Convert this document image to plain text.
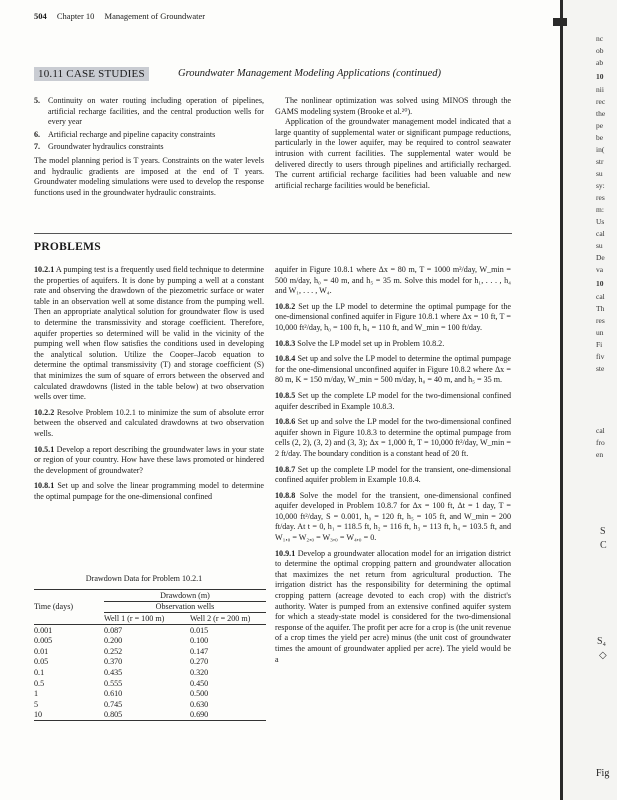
504 Chapter 10 Management of Groundwater
10.11 CASE STUDIES	Groundwater Management Modeling Applications (continued)
5. Continuity on water routing including operation of pipelines, artificial recharge facilities, and the central production wells for every year
6. Artificial recharge and pipeline capacity constraints
7. Groundwater hydraulics constraints

The model planning period is T years. Constraints on the water levels and hydraulic gradients are imposed at the end of T years. Groundwater modeling simulations were used to develop the response functions used in the groundwater hydraulic constraints.

The nonlinear optimization was solved using MINOS through the GAMS modeling system (Brooke et al.²⁰).

Application of the groundwater management model indicated that a large quantity of supplemental water or significant pumpage reductions, particularly in the lower aquifer, may be required to control seawater intrusion with current facilities. The supplemental water would be delivered directly to users through pipelines and artificially recharged. The current artificial recharge facilities had been valuable and new artificial recharge facilities would be beneficial.

PROBLEMS

10.2.1 A pumping test is a frequently used field technique to determine the properties of aquifers. It is done by pumping a well at a constant rate and observing the drawdown of the piezometric surface or water table in an observation well at some distance from the pumping well. Then an appropriate analytical solution for groundwater flow is used to determine the transmissivity and storage coefficient. Therefore, aquifer properties so determined will be valid in the vicinity of the pumping well when flow satisfies the conditions used in developing the analytical solution. Utilize the Cooper–Jacob equation to determine the optimal transmissivity (T) and storage coefficient (S) that minimizes the sum of square of errors between the observed and calculated drawdowns (listed in the table below) at two observation wells over time.

10.2.2 Resolve Problem 10.2.1 to minimize the sum of absolute error between the observed and calculated drawdowns at two observation wells.

10.5.1 Develop a report describing the groundwater laws in your state or region of your country. How have these laws promoted or hindered the development of groundwater?

10.8.1 Set up and solve the linear programming model to determine the optimal pumpage for the one-dimensional confined

Drawdown Data for Problem 10.2.1
	Drawdown (m)	
Time (days)	Observation wells	
	Well 1 (r = 100 m)	Well 2 (r = 200 m)
0.001	0.087	0.015
0.005	0.200	0.100
0.01	0.252	0.147
0.05	0.370	0.270
0.1	0.435	0.320
0.5	0.555	0.450
1	0.610	0.500
5	0.745	0.630
10	0.805	0.690

aquifer in Figure 10.8.1 where Δx = 80 m, T = 1000 m²/day, W_min = 500 m/day, h₀ = 40 m, and h₅ = 35 m. Solve this model for h₁, . . . , h₄ and W₁, . . . , W₄.

10.8.2 Set up the LP model to determine the optimal pumpage for the one-dimensional confined aquifer in Figure 10.8.1 where Δx = 10 ft, T = 10,000 ft²/day, h₀ = 100 ft, h₄ = 110 ft, and W_min = 100 ft/day.

10.8.3 Solve the LP model set up in Problem 10.8.2.

10.8.4 Set up and solve the LP model to determine the optimal pumpage for the one-dimensional unconfined aquifer in Figure 10.8.2 where Δx = 80 m, K = 150 m/day, W_min = 500 m/day, h₀ = 40 m, and h₅ = 35 m.

10.8.5 Set up the complete LP model for the two-dimensional confined aquifer described in Example 10.8.3.

10.8.6 Set up and solve the LP model for the two-dimensional confined aquifer shown in Figure 10.8.3 to determine the optimal pumpage from cells (2, 2), (3, 2) and (3, 3); Δx = 1,000 ft, T = 10,000 ft²/day, W_min = 2 ft/day. The boundary condition is a constant head of 20 ft.

10.8.7 Set up the complete LP model for the transient, one-dimensional confined aquifer problem in Example 10.8.4.

10.8.8 Solve the model for the transient, one-dimensional confined aquifer developed in Problem 10.8.7 for Δx = 100 ft, Δt = 1 day, T = 10,000 ft²/day, S = 0.001, h₀ = 120 ft, h₅ = 105 ft, and W_min = 200 ft/day. At t = 0, h₁ = 118.5 ft, h₂ = 116 ft, h₃ = 113 ft, h₄ = 103.5 ft, and W₁,₀ = W₂,₀ = W₃,₀ = W₄,₀ = 0.

10.9.1 Develop a groundwater allocation model for an irrigation district to determine the optimal cropping pattern and groundwater allocation that maximizes the net return from agricultural production. The irrigation district has the responsibility for determining the optimal cropping pattern (acreage devoted to each crop) with the district's authority. Water is pumped from an extensive confined aquifer system for which a steady-state model is considered for the two-dimensional response of the aquifer. The profit per acre for a crop is (the unit revenue of a crop times the yield per acre) minus (the unit cost of groundwater times the amount of groundwater applied per acre). The yield would be a

nc
ob
ab
10
nii
rec
the
pe
be
in(
str
su
sy:
res
m:
Us
cal
su
De
va
10
cal
Th
res
un
Fi
fiv
ste
cal
fro
en
S
C
S₄
◇
Fig
